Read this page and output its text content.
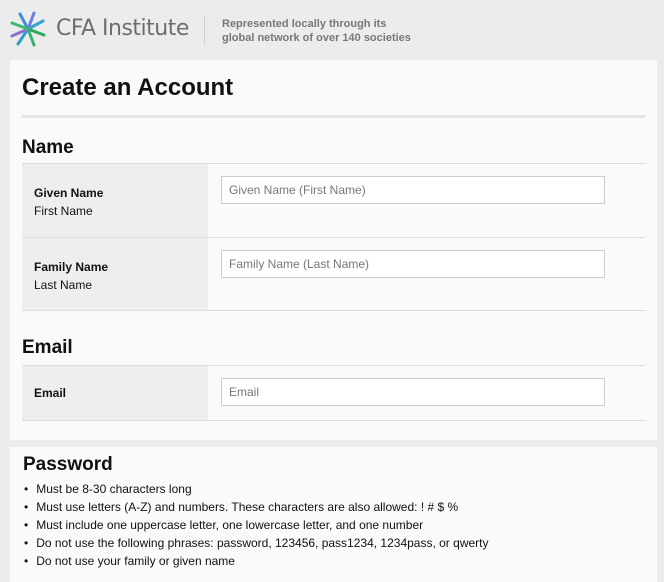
CFA Institute	Represented locally through its
global network of over 140 societies
Create an Account
Name
Given Name
First Name
Given Name (First Name)
Family Name
Last Name
Family Name (Last Name)
Email
Email
Email
Password
• Must be 8-30 characters long
• Must use letters (A-Z) and numbers. These characters are also allowed: ! # $ %
• Must include one uppercase letter, one lowercase letter, and one number
• Do not use the following phrases: password, 123456, pass1234, 1234pass, or qwerty
• Do not use your family or given name
